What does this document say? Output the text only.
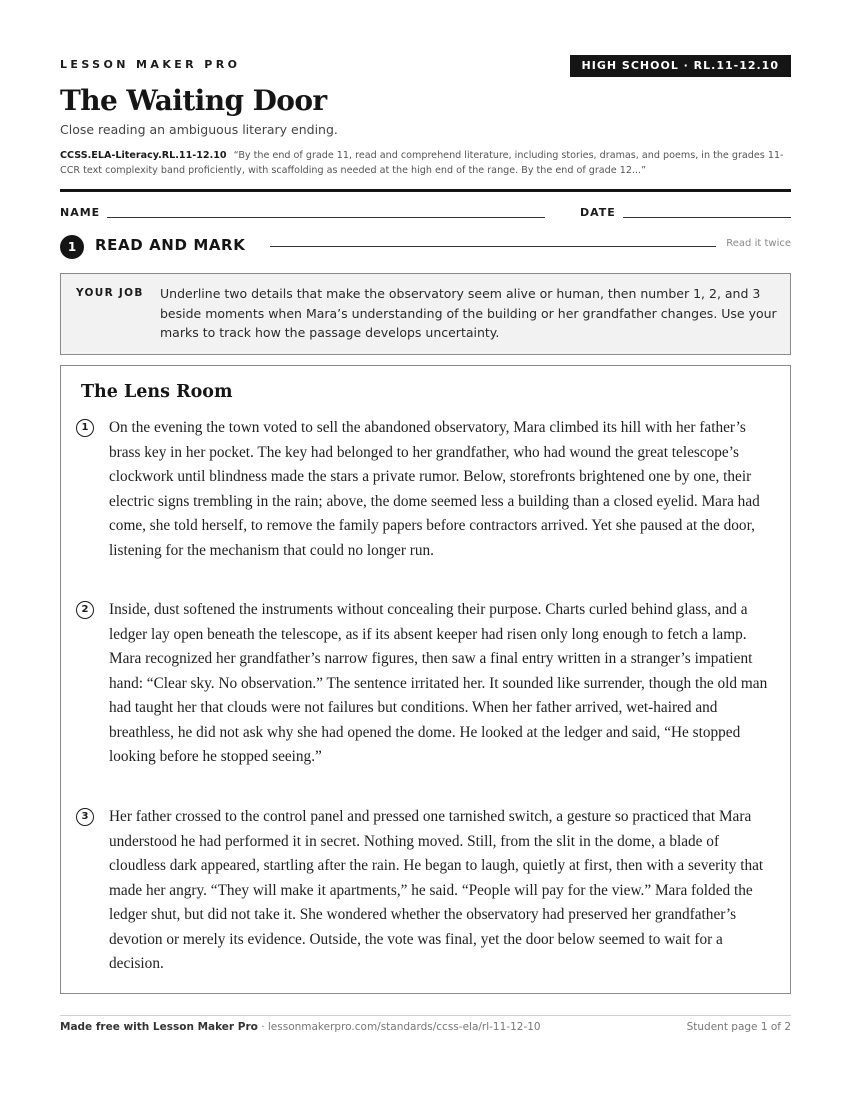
LESSON MAKER PRO	HIGH SCHOOL · RL.11-12.10
The Waiting Door
Close reading an ambiguous literary ending.
CCSS.ELA-Literacy.RL.11-12.10 “By the end of grade 11, read and comprehend literature, including stories, dramas, and poems, in the grades 11-CCR text complexity band proficiently, with scaffolding as needed at the high end of the range. By the end of grade 12...”
NAME	DATE
1	READ AND MARK	Read it twice
YOUR JOB Underline two details that make the observatory seem alive or human, then number 1, 2, and 3 beside moments when Mara’s understanding of the building or her grandfather changes. Use your marks to track how the passage develops uncertainty.
The Lens Room
1	On the evening the town voted to sell the abandoned observatory, Mara climbed its hill with her father’s brass key in her pocket. The key had belonged to her grandfather, who had wound the great telescope’s clockwork until blindness made the stars a private rumor. Below, storefronts brightened one by one, their electric signs trembling in the rain; above, the dome seemed less a building than a closed eyelid. Mara had come, she told herself, to remove the family papers before contractors arrived. Yet she paused at the door, listening for the mechanism that could no longer run.

2	Inside, dust softened the instruments without concealing their purpose. Charts curled behind glass, and a ledger lay open beneath the telescope, as if its absent keeper had risen only long enough to fetch a lamp. Mara recognized her grandfather’s narrow figures, then saw a final entry written in a stranger’s impatient hand: “Clear sky. No observation.” The sentence irritated her. It sounded like surrender, though the old man had taught her that clouds were not failures but conditions. When her father arrived, wet-haired and breathless, he did not ask why she had opened the dome. He looked at the ledger and said, “He stopped looking before he stopped seeing.”

3	Her father crossed to the control panel and pressed one tarnished switch, a gesture so practiced that Mara understood he had performed it in secret. Nothing moved. Still, from the slit in the dome, a blade of cloudless dark appeared, startling after the rain. He began to laugh, quietly at first, then with a severity that made her angry. “They will make it apartments,” he said. “People will pay for the view.” Mara folded the ledger shut, but did not take it. She wondered whether the observatory had preserved her grandfather’s devotion or merely its evidence. Outside, the vote was final, yet the door below seemed to wait for a decision.

Made free with Lesson Maker Pro · lessonmakerpro.com/standards/ccss-ela/rl-11-12-10	Student page 1 of 2
